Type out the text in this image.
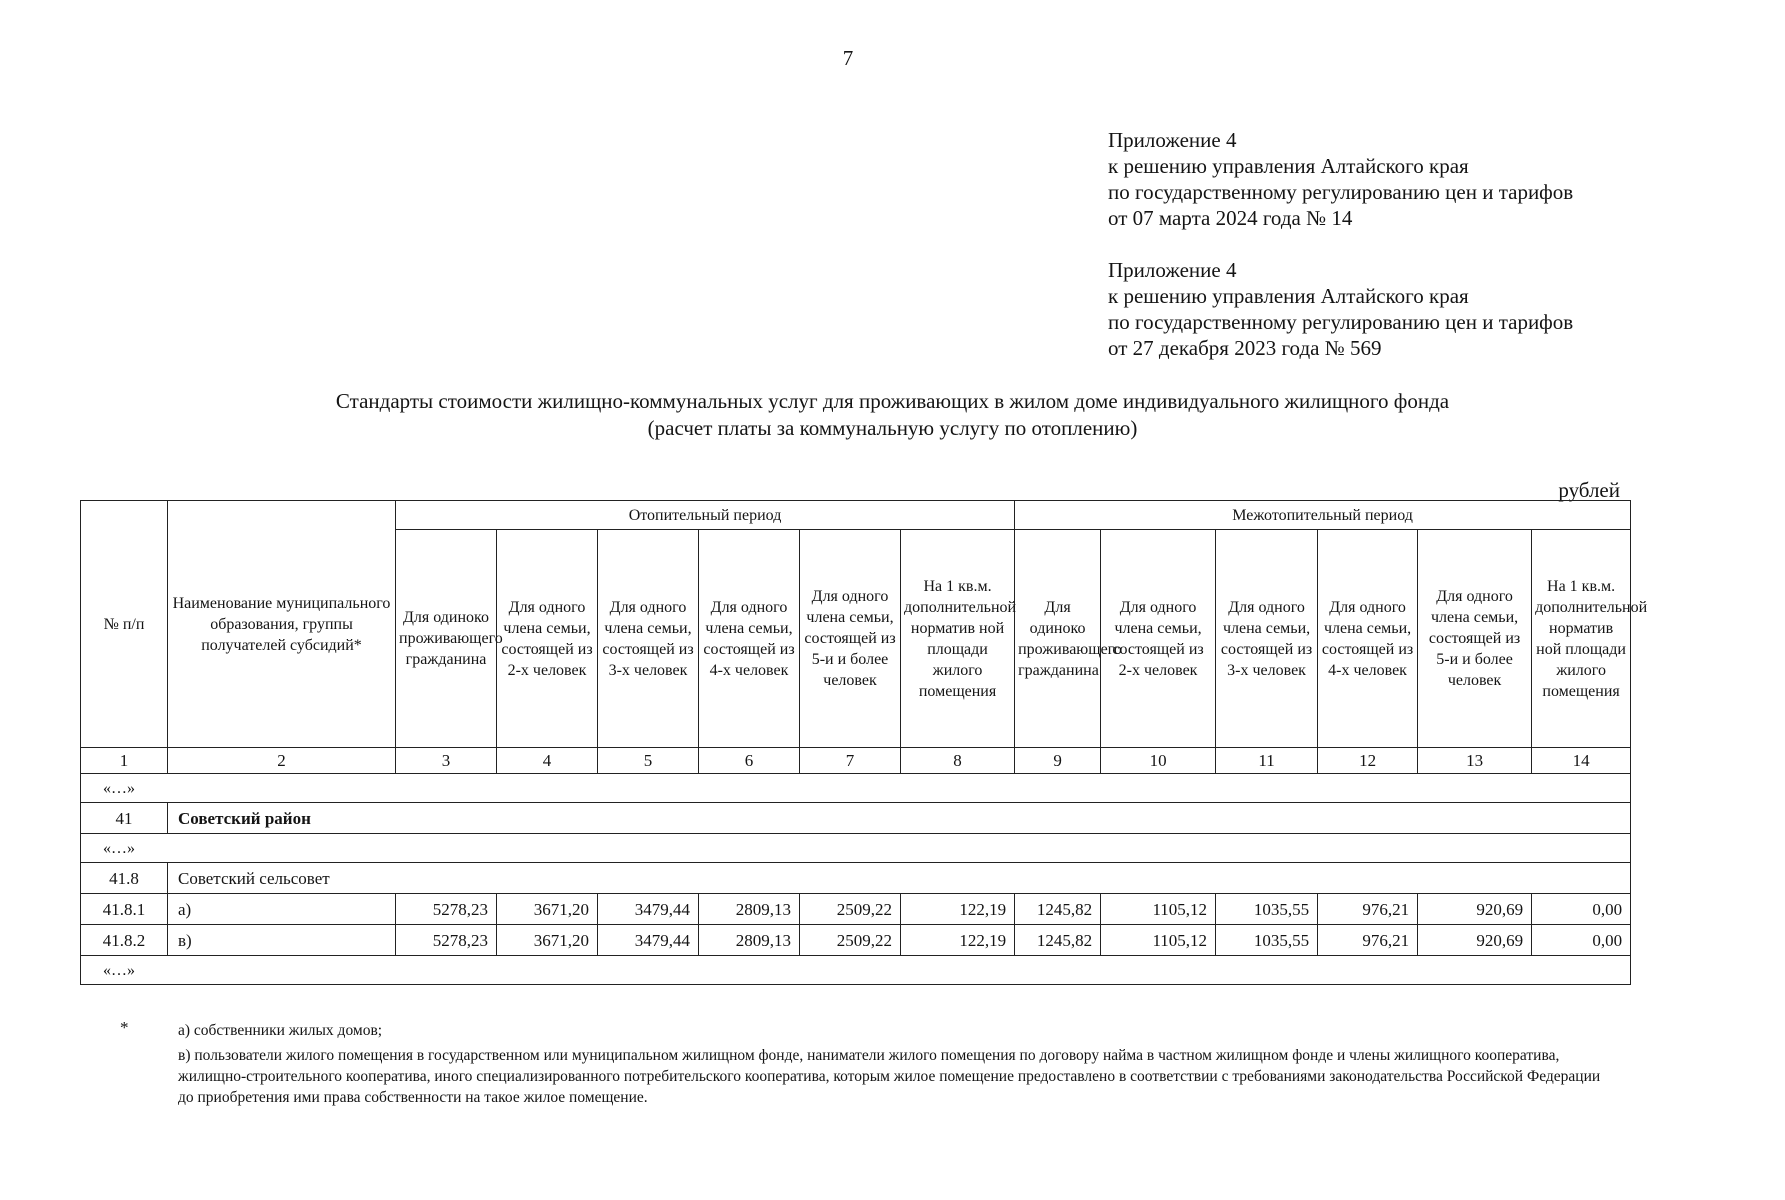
7
Приложение 4
к решению управления Алтайского края
по государственному регулированию цен и тарифов
от 07 марта 2024 года № 14
Приложение 4
к решению управления Алтайского края
по государственному регулированию цен и тарифов
от 27 декабря 2023 года № 569
Стандарты стоимости жилищно-коммунальных услуг для проживающих в жилом доме индивидуального жилищного фонда
(расчет платы за коммунальную услугу по отоплению)
рублей
№ п/п	Наименование муниципального образования, группы получателей субсидий*	Отопительный период						Межотопительный период					
		Для одиноко проживающего гражданина	Для одного члена семьи, состоящей из 2-х человек	Для одного члена семьи, состоящей из 3-х человек	Для одного члена семьи, состоящей из 4-х человек	Для одного члена семьи, состоящей из 5-и и более человек	На 1 кв.м. дополнительной норматив ной площади жилого помещения	Для одиноко проживающего гражданина	Для одного члена семьи, состоящей из 2-х человек	Для одного члена семьи, состоящей из 3-х человек	Для одного члена семьи, состоящей из 4-х человек	Для одного члена семьи, состоящей из 5-и и более человек	На 1 кв.м. дополнительной норматив ной площади жилого помещения
1	2	3	4	5	6	7	8	9	10	11	12	13	14
«…»													
41	Советский район												
«…»													
41.8	Советский сельсовет												
41.8.1	а)	5278,23	3671,20	3479,44	2809,13	2509,22	122,19	1245,82	1105,12	1035,55	976,21	920,69	0,00
41.8.2	в)	5278,23	3671,20	3479,44	2809,13	2509,22	122,19	1245,82	1105,12	1035,55	976,21	920,69	0,00
«…»													
*	а) собственники жилых домов;
в) пользователи жилого помещения в государственном или муниципальном жилищном фонде, наниматели жилого помещения по договору найма в частном жилищном фонде и члены жилищного кооператива, жилищно-строительного кооператива, иного специализированного потребительского кооператива, которым жилое помещение предоставлено в соответствии с требованиями законодательства Российской Федерации до приобретения ими права собственности на такое жилое помещение.
